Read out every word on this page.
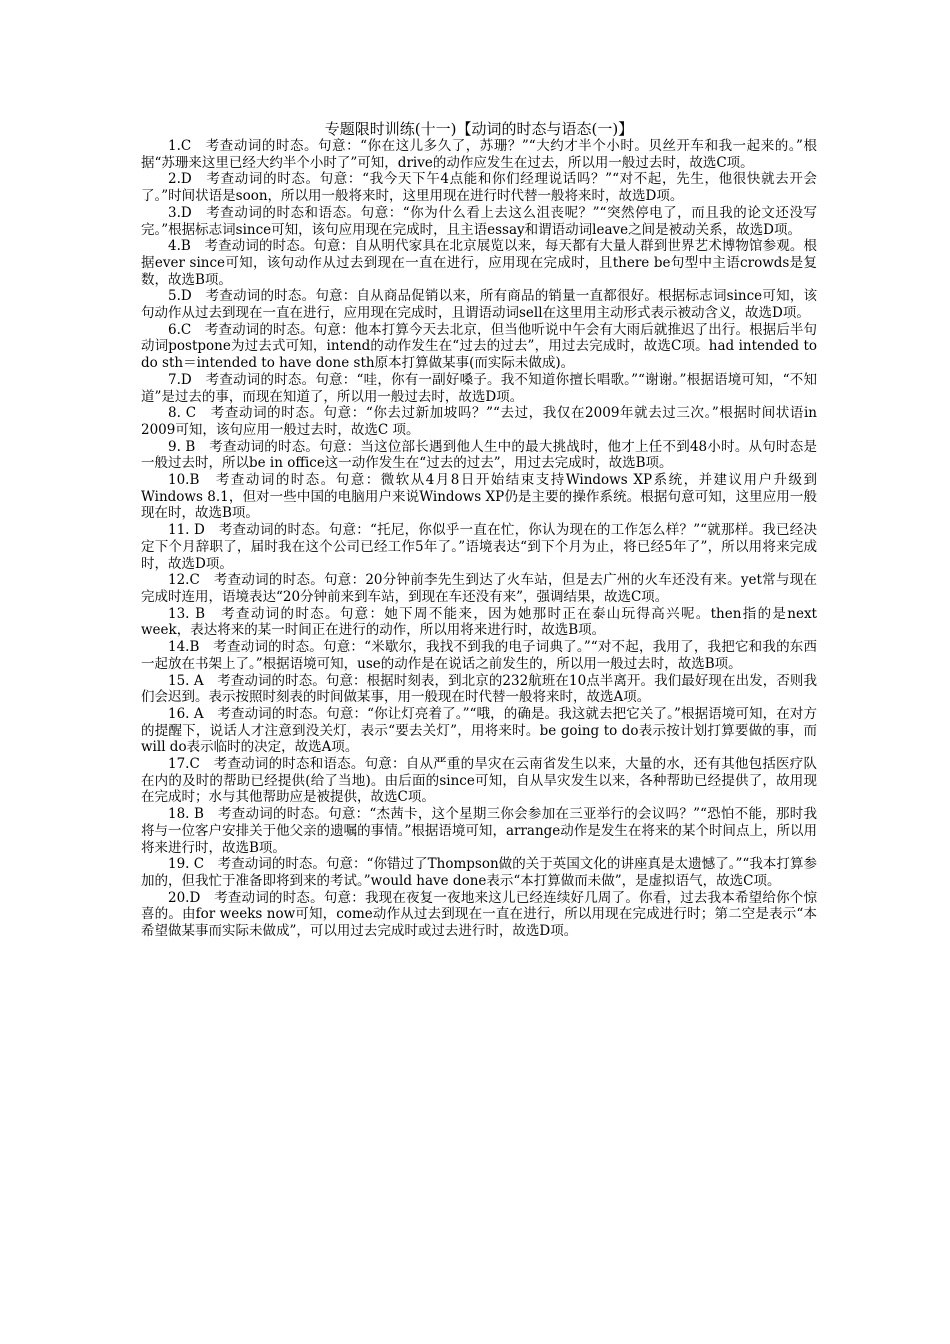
专题限时训练(十一)【动词的时态与语态(一)】

1.C　考查动词的时态。句意：“你在这儿多久了，苏珊？”“大约才半个小时。贝丝开车和我一起来的。”根据“苏珊来这里已经大约半个小时了”可知，drive的动作应发生在过去，所以用一般过去时，故选C项。

2.D　考查动词的时态。句意：“我今天下午4点能和你们经理说话吗？”“对不起，先生，他很快就去开会了。”时间状语是soon，所以用一般将来时，这里用现在进行时代替一般将来时，故选D项。

3.D　考查动词的时态和语态。句意：“你为什么看上去这么沮丧呢？”“突然停电了，而且我的论文还没写完。”根据标志词since可知，该句应用现在完成时，且主语essay和谓语动词leave之间是被动关系，故选D项。

4.B　考查动词的时态。句意：自从明代家具在北京展览以来，每天都有大量人群到世界艺术博物馆参观。根据ever since可知，该句动作从过去到现在一直在进行，应用现在完成时，且there be句型中主语crowds是复数，故选B项。

5.D　考查动词的时态。句意：自从商品促销以来，所有商品的销量一直都很好。根据标志词since可知，该句动作从过去到现在一直在进行，应用现在完成时，且谓语动词sell在这里用主动形式表示被动含义，故选D项。

6.C　考查动词的时态。句意：他本打算今天去北京，但当他听说中午会有大雨后就推迟了出行。根据后半句动词postpone为过去式可知，intend的动作发生在“过去的过去”，用过去完成时，故选C项。had intended to do sth＝intended to have done sth原本打算做某事(而实际未做成)。

7.D　考查动词的时态。句意：“哇，你有一副好嗓子。我不知道你擅长唱歌。”“谢谢。”根据语境可知，“不知道”是过去的事，而现在知道了，所以用一般过去时，故选D项。

8. C　考查动词的时态。句意：“你去过新加坡吗？”“去过，我仅在2009年就去过三次。”根据时间状语in 2009可知，该句应用一般过去时，故选C 项。

9. B　考查动词的时态。句意：当这位部长遇到他人生中的最大挑战时，他才上任不到48小时。从句时态是一般过去时，所以be in office这一动作发生在“过去的过去”，用过去完成时，故选B项。

10.B　考查动词的时态。句意：微软从4月8日开始结束支持Windows XP系统，并建议用户升级到Windows 8.1，但对一些中国的电脑用户来说Windows XP仍是主要的操作系统。根据句意可知，这里应用一般现在时，故选B项。

11. D　考查动词的时态。句意：“托尼，你似乎一直在忙，你认为现在的工作怎么样？”“就那样。我已经决定下个月辞职了，届时我在这个公司已经工作5年了。”语境表达“到下个月为止，将已经5年了”，所以用将来完成时，故选D项。

12.C　考查动词的时态。句意：20分钟前李先生到达了火车站，但是去广州的火车还没有来。yet常与现在完成时连用，语境表达“20分钟前来到车站，到现在车还没有来”，强调结果，故选C项。

13. B　考查动词的时态。句意：她下周不能来，因为她那时正在泰山玩得高兴呢。then指的是next week，表达将来的某一时间正在进行的动作，所以用将来进行时，故选B项。

14.B　考查动词的时态。句意：“米歇尔，我找不到我的电子词典了。”“对不起，我用了，我把它和我的东西一起放在书架上了。”根据语境可知，use的动作是在说话之前发生的，所以用一般过去时，故选B项。

15. A　考查动词的时态。句意：根据时刻表，到北京的232航班在10点半离开。我们最好现在出发，否则我们会迟到。表示按照时刻表的时间做某事，用一般现在时代替一般将来时，故选A项。

16. A　考查动词的时态。句意：“你让灯亮着了。”“哦，的确是。我这就去把它关了。”根据语境可知，在对方的提醒下，说话人才注意到没关灯，表示“要去关灯”，用将来时。be going to do表示按计划打算要做的事，而will do表示临时的决定，故选A项。

17.C　考查动词的时态和语态。句意：自从严重的旱灾在云南省发生以来，大量的水，还有其他包括医疗队在内的及时的帮助已经提供(给了当地)。由后面的since可知，自从旱灾发生以来，各种帮助已经提供了，故用现在完成时；水与其他帮助应是被提供，故选C项。

18. B　考查动词的时态。句意：“杰茜卡，这个星期三你会参加在三亚举行的会议吗？”“恐怕不能，那时我将与一位客户安排关于他父亲的遗嘱的事情。”根据语境可知，arrange动作是发生在将来的某个时间点上，所以用将来进行时，故选B项。

19. C　考查动词的时态。句意：“你错过了Thompson做的关于英国文化的讲座真是太遗憾了。”“我本打算参加的，但我忙于准备即将到来的考试。”would have done表示“本打算做而未做”，是虚拟语气，故选C项。

20.D　考查动词的时态。句意：我现在夜复一夜地来这儿已经连续好几周了。你看，过去我本希望给你个惊喜的。由for weeks now可知，come动作从过去到现在一直在进行，所以用现在完成进行时；第二空是表示“本希望做某事而实际未做成”，可以用过去完成时或过去进行时，故选D项。
